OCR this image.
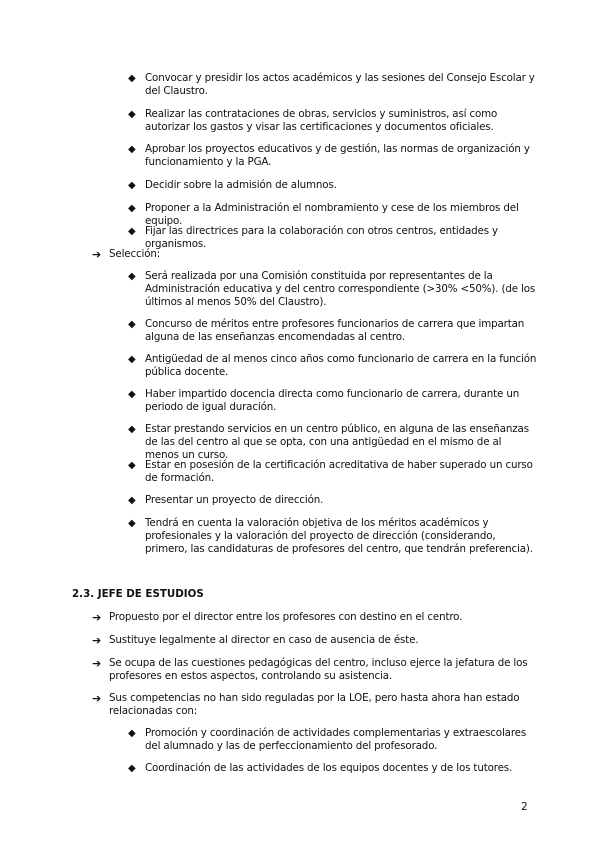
◆ Convocar y presidir los actos académicos y las sesiones del Consejo Escolar y del Claustro.
◆ Realizar las contrataciones de obras, servicios y suministros, así como autorizar los gastos y visar las certificaciones y documentos oficiales.
◆ Aprobar los proyectos educativos y de gestión, las normas de organización y funcionamiento y la PGA.
◆ Decidir sobre la admisión de alumnos.
◆ Proponer a la Administración el nombramiento y cese de los miembros del equipo.
◆ Fijar las directrices para la colaboración con otros centros, entidades y organismos.
➔ Selección:
◆ Será realizada por una Comisión constituida por representantes de la Administración educativa y del centro correspondiente (>30% <50%). (de los últimos al menos 50% del Claustro).
◆ Concurso de méritos entre profesores funcionarios de carrera que impartan alguna de las enseñanzas encomendadas al centro.
◆ Antigüedad de al menos cinco años como funcionario de carrera en la función pública docente.
◆ Haber impartido docencia directa como funcionario de carrera, durante un periodo de igual duración.
◆ Estar prestando servicios en un centro público, en alguna de las enseñanzas de las del centro al que se opta, con una antigüedad en el mismo de al menos un curso.
◆ Estar en posesión de la certificación acreditativa de haber superado un curso de formación.
◆ Presentar un proyecto de dirección.
◆ Tendrá en cuenta la valoración objetiva de los méritos académicos y profesionales y la valoración del proyecto de dirección (considerando, primero, las candidaturas de profesores del centro, que tendrán preferencia).
2.3. JEFE DE ESTUDIOS
➔ Propuesto por el director entre los profesores con destino en el centro.
➔ Sustituye legalmente al director en caso de ausencia de éste.
➔ Se ocupa de las cuestiones pedagógicas del centro, incluso ejerce la jefatura de los profesores en estos aspectos, controlando su asistencia.
➔ Sus competencias no han sido reguladas por la LOE, pero hasta ahora han estado relacionadas con:
◆ Promoción y coordinación de actividades complementarias y extraescolares del alumnado y las de perfeccionamiento del profesorado.
◆ Coordinación de las actividades de los equipos docentes y de los tutores.
2
